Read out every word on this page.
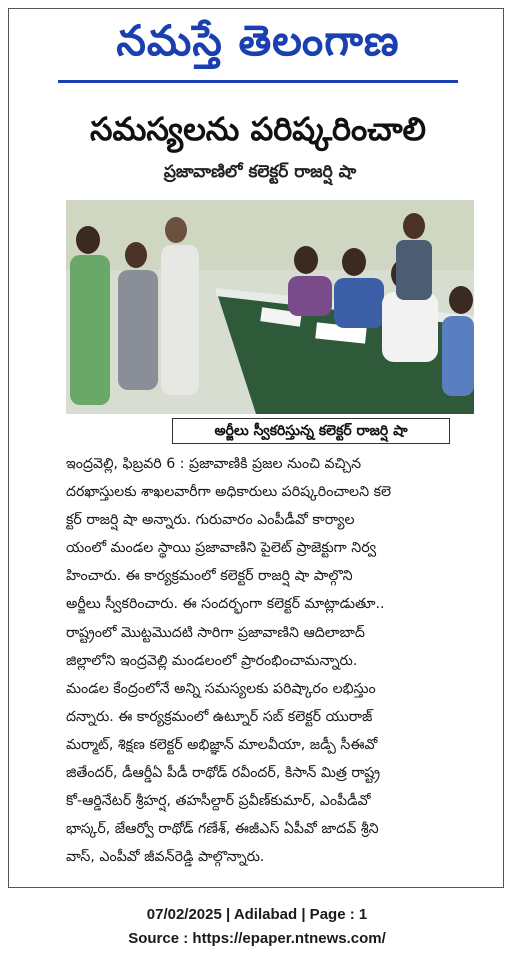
నమస్తే తెలంగాణ
సమస్యలను పరిష్కరించాలి
ప్రజావాణిలో కలెక్టర్ రాజర్షి షా
అర్జీలు స్వీకరిస్తున్న కలెక్టర్ రాజర్షి షా

ఇంద్రవెల్లి, ఫిబ్రవరి 6 : ప్రజావాణికి ప్రజల నుంచి వచ్చిన

దరఖాస్తులకు శాఖలవారీగా అధికారులు పరిష్కరించాలని కలె

క్టర్ రాజర్షి షా అన్నారు. గురువారం ఎంపీడీవో కార్యాల

యంలో మండల స్థాయి ప్రజావాణిని పైలెట్ ప్రాజెక్టుగా నిర్వ

హించారు. ఈ కార్యక్రమంలో కలెక్టర్ రాజర్షి షా పాల్గొని

అర్జీలు స్వీకరించారు. ఈ సందర్భంగా కలెక్టర్ మాట్లాడుతూ..

రాష్ట్రంలో మొట్టమొదటి సారిగా ప్రజావాణిని ఆదిలాబాద్

జిల్లాలోని ఇంద్రవెల్లి మండలంలో ప్రారంభించామన్నారు.

మండల కేంద్రంలోనే అన్ని సమస్యలకు పరిష్కారం లభిస్తుం

దన్నారు. ఈ కార్యక్రమంలో ఉట్నూర్ సబ్ కలెక్టర్ యురాజ్

మర్మాట్, శిక్షణ కలెక్టర్ అభిజ్ఞాన్ మాలవీయా, జడ్పీ సీఈవో

జితేందర్, డీఆర్డీఏ పీడీ రాథోడ్ రవీందర్, కిసాన్ మిత్ర రాష్ట్ర

కో-ఆర్డినేటర్ శ్రీహర్ష, తహసీల్దార్ ప్రవీణ్‌కుమార్, ఎంపీడీవో

భాస్కర్, జేఆర్వో రాథోడ్ గణేశ్, ఈజీఎస్ ఏపీవో జాదవ్ శ్రీని

వాస్, ఎంపీవో జీవన్‌రెడ్డి పాల్గొన్నారు.

07/02/2025 | Adilabad | Page : 1
Source : https://epaper.ntnews.com/
